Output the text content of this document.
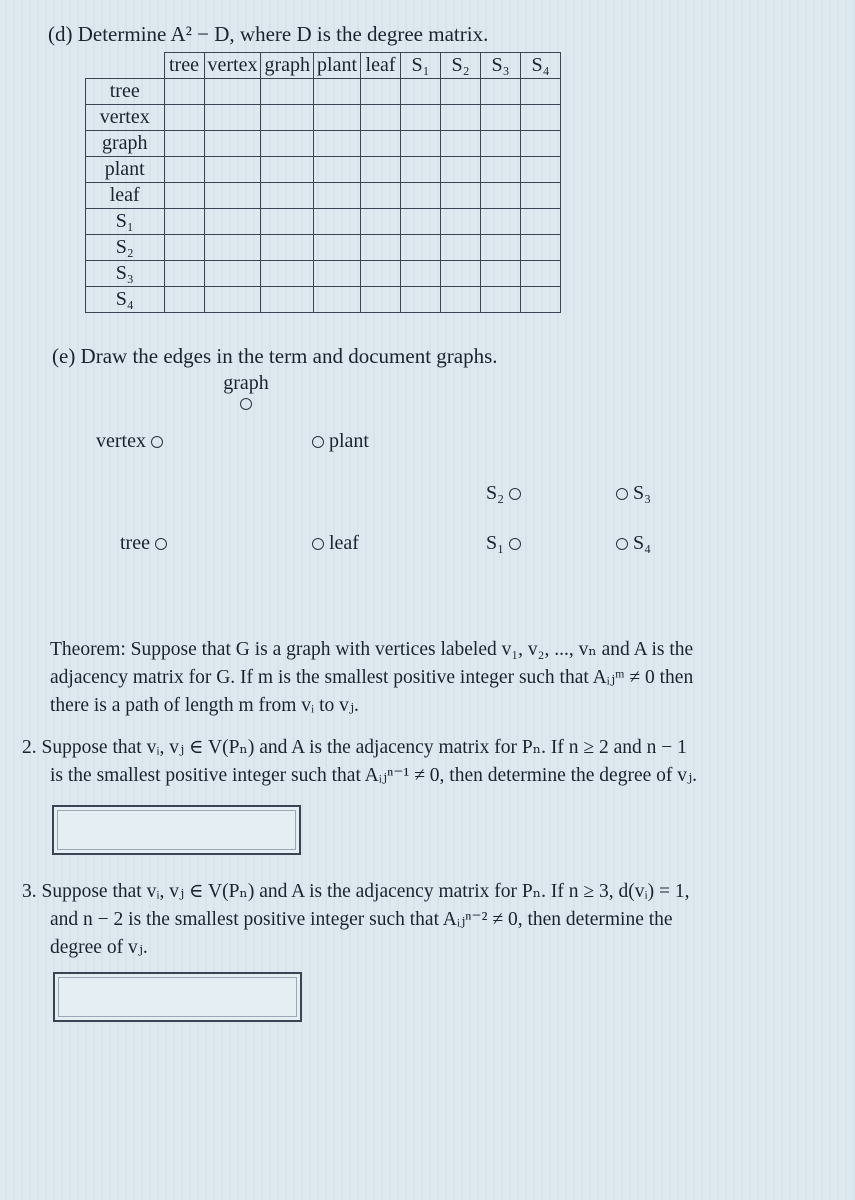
(d) Determine A² − D, where D is the degree matrix.
	tree	vertex	graph	plant	leaf	S₁	S₂	S₃	S₄
tree									
vertex									
graph									
plant									
leaf									
S₁									
S₂									
S₃									
S₄									
(e) Draw the edges in the term and document graphs.
graph
vertex	plant
S₂	S₃
tree	leaf	S₁	S₄
Theorem: Suppose that G is a graph with vertices labeled v₁, v₂, ..., vₙ and A is the
adjacency matrix for G. If m is the smallest positive integer such that Aᵢⱼᵐ ≠ 0 then
there is a path of length m from vᵢ to vⱼ.
2. Suppose that vᵢ, vⱼ ∈ V(Pₙ) and A is the adjacency matrix for Pₙ. If n ≥ 2 and n − 1
is the smallest positive integer such that Aᵢⱼⁿ⁻¹ ≠ 0, then determine the degree of vⱼ.
3. Suppose that vᵢ, vⱼ ∈ V(Pₙ) and A is the adjacency matrix for Pₙ. If n ≥ 3, d(vᵢ) = 1,
and n − 2 is the smallest positive integer such that Aᵢⱼⁿ⁻² ≠ 0, then determine the
degree of vⱼ.
